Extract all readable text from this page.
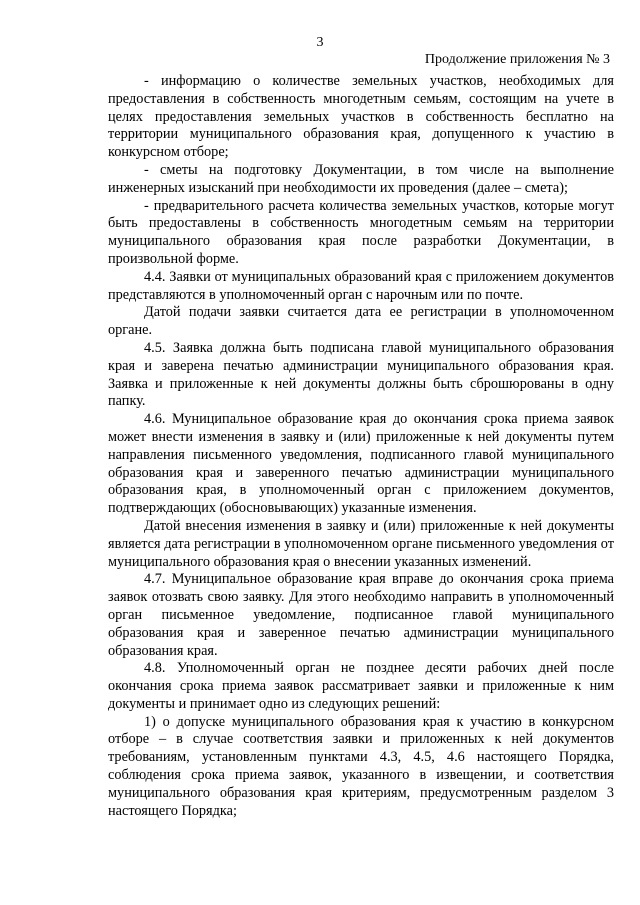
3
Продолжение приложения № 3

- информацию о количестве земельных участков, необходимых для предоставления в собственность многодетным семьям, состоящим на учете в целях предоставления земельных участков в собственность бесплатно на территории муниципального образования края, допущенного к участию в конкурсном отборе;

- сметы на подготовку Документации, в том числе на выполнение инженерных изысканий при необходимости их проведения (далее – смета);

- предварительного расчета количества земельных участков, которые могут быть предоставлены в собственность многодетным семьям на территории муниципального образования края после разработки Документации, в произвольной форме.

4.4. Заявки от муниципальных образований края с приложением документов представляются в уполномоченный орган с нарочным или по почте.

Датой подачи заявки считается дата ее регистрации в уполномоченном органе.

4.5. Заявка должна быть подписана главой муниципального образования края и заверена печатью администрации муниципального образования края. Заявка и приложенные к ней документы должны быть сброшюрованы в одну папку.

4.6. Муниципальное образование края до окончания срока приема заявок может внести изменения в заявку и (или) приложенные к ней документы путем направления письменного уведомления, подписанного главой муниципального образования края и заверенного печатью администрации муниципального образования края, в уполномоченный орган с приложением документов, подтверждающих (обосновывающих) указанные изменения.

Датой внесения изменения в заявку и (или) приложенные к ней документы является дата регистрации в уполномоченном органе письменного уведомления от муниципального образования края о внесении указанных изменений.

4.7. Муниципальное образование края вправе до окончания срока приема заявок отозвать свою заявку. Для этого необходимо направить в уполномоченный орган письменное уведомление, подписанное главой муниципального образования края и заверенное печатью администрации муниципального образования края.

4.8. Уполномоченный орган не позднее десяти рабочих дней после окончания срока приема заявок рассматривает заявки и приложенные к ним документы и принимает одно из следующих решений:

1) о допуске муниципального образования края к участию в конкурсном отборе – в случае соответствия заявки и приложенных к ней документов требованиям, установленным пунктами 4.3, 4.5, 4.6 настоящего Порядка, соблюдения срока приема заявок, указанного в извещении, и соответствия муниципального образования края критериям, предусмотренным разделом 3 настоящего Порядка;
